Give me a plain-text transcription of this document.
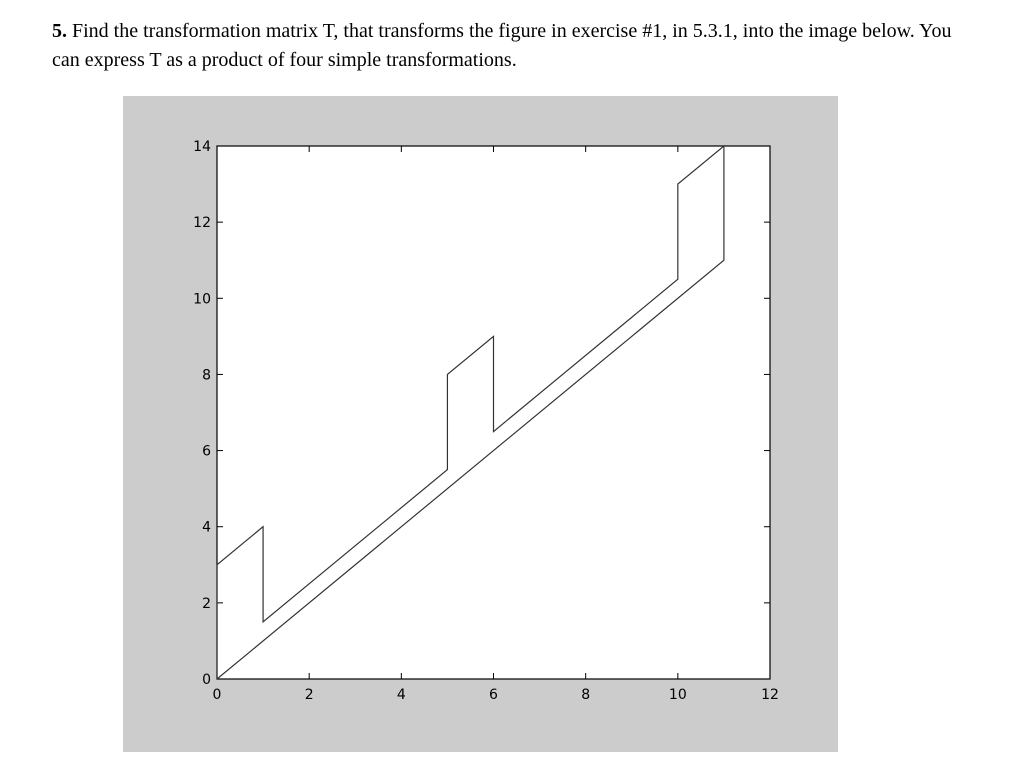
5. Find the transformation matrix T, that transforms the figure in exercise #1, in 5.3.1, into the image below. You can express T as a product of four simple transformations.
0	2	4	6	8	10	12
0
2
4
6
8
10
12
14
